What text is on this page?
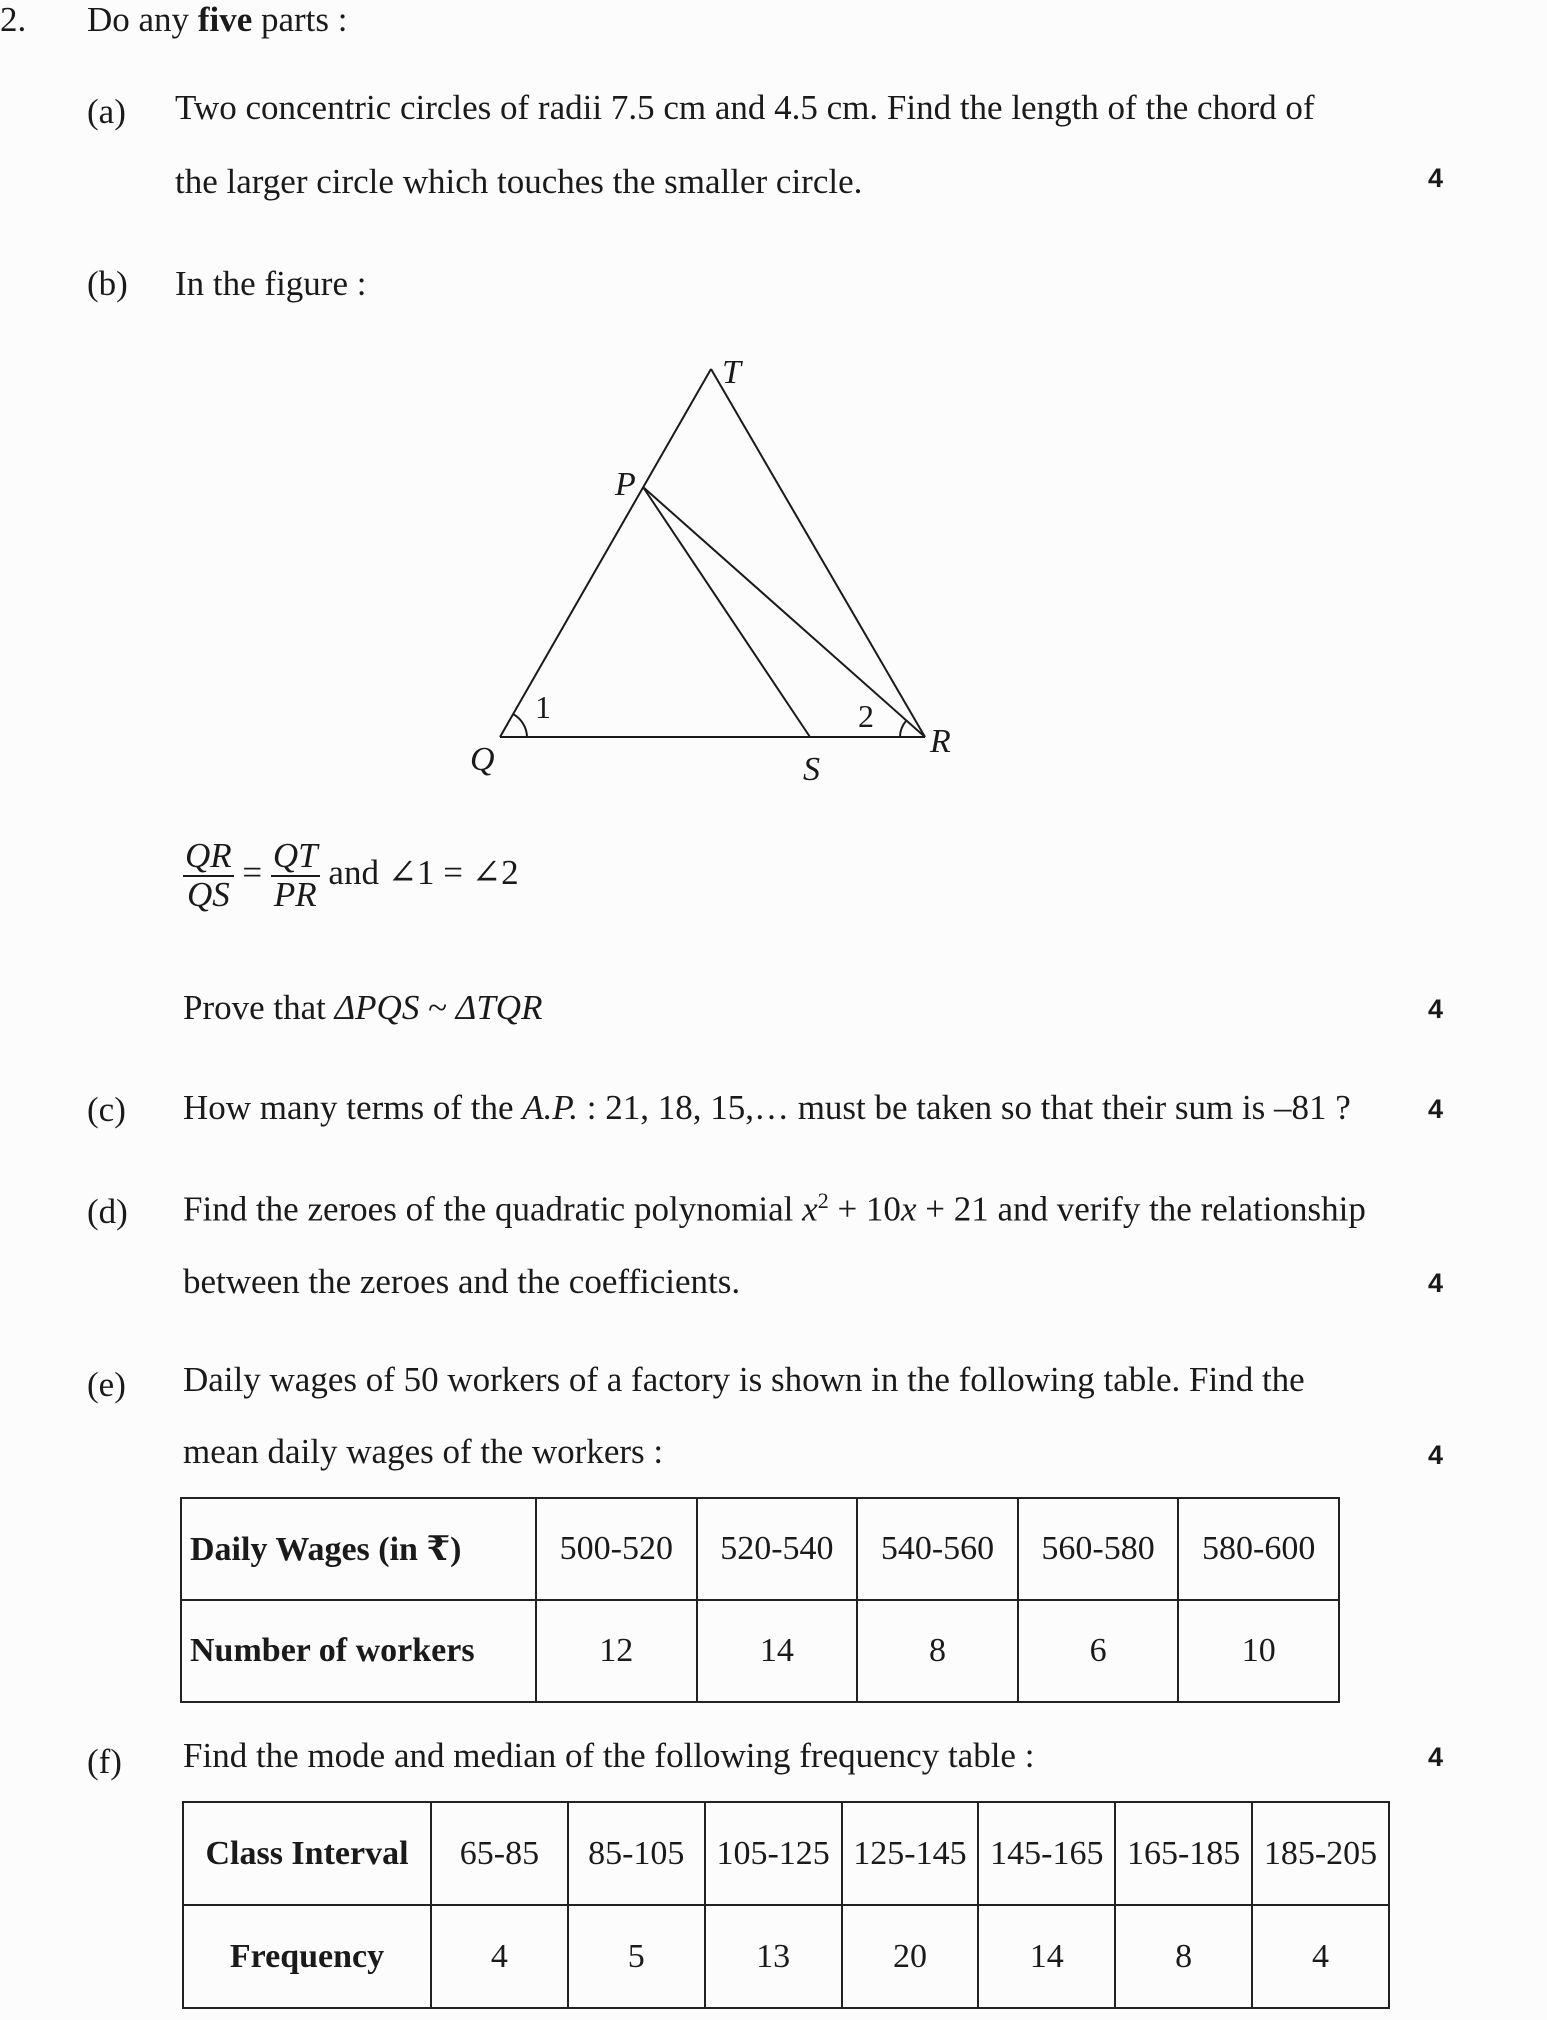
2. Do any five parts :
(a) Two concentric circles of radii 7.5 cm and 4.5 cm. Find the length of the chord of
the larger circle which touches the smaller circle.	4
(b) In the figure :
T
P
Q	R
S
1	2
$\frac{QR}{QS} = \frac{QT}{PR}$ and ∠1 = ∠2
Prove that ΔPQS ~ ΔTQR	4
(c) How many terms of the A.P. : 21, 18, 15,… must be taken so that their sum is –81 ?	4
(d) Find the zeroes of the quadratic polynomial $x^2 + 10x + 21$ and verify the relationship
between the zeroes and the coefficients.	4
(e) Daily wages of 50 workers of a factory is shown in the following table. Find the
mean daily wages of the workers :	4
Daily Wages (in ₹)	500-520	520-540	540-560	560-580	580-600
Number of workers	12	14	8	6	10
(f) Find the mode and median of the following frequency table :	4
Class Interval	65-85	85-105	105-125	125-145	145-165	165-185	185-205
Frequency	4	5	13	20	14	8	4
